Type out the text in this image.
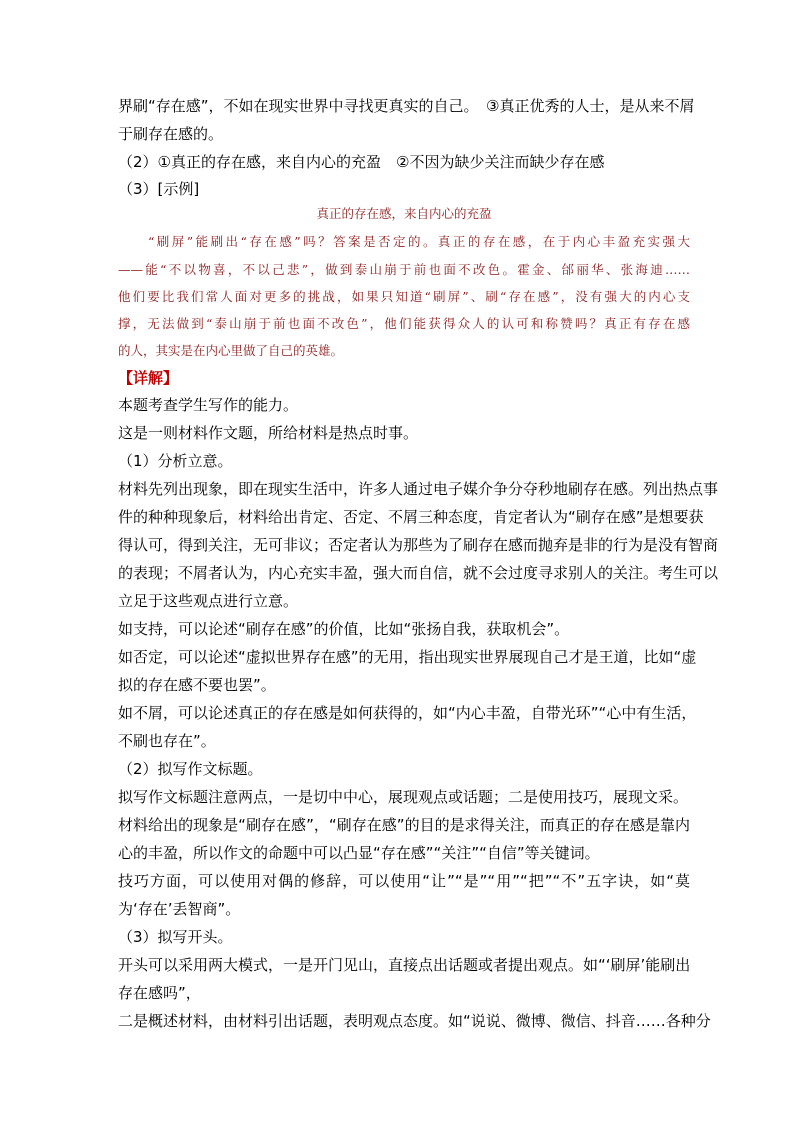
界刷“存在感”，不如在现实世界中寻找更真实的自己。　③真正优秀的人士，是从来不屑
于刷存在感的。
（2）①真正的存在感，来自内心的充盈　②不因为缺少关注而缺少存在感
（3）[示例]
真正的存在感，来自内心的充盈
　　“刷屏”能刷出“存在感”吗？答案是否定的。真正的存在感，在于内心丰盈充实强大
——能“不以物喜，不以己悲”，做到泰山崩于前也面不改色。霍金、邰丽华、张海迪……
他们要比我们常人面对更多的挑战，如果只知道“刷屏”、刷“存在感”，没有强大的内心支
撑，无法做到“泰山崩于前也面不改色”，他们能获得众人的认可和称赞吗？真正有存在感
的人，其实是在内心里做了自己的英雄。
【详解】
本题考查学生写作的能力。
这是一则材料作文题，所给材料是热点时事。
（1）分析立意。
材料先列出现象，即在现实生活中，许多人通过电子媒介争分夺秒地刷存在感。列出热点事
件的种种现象后，材料给出肯定、否定、不屑三种态度，肯定者认为“刷存在感”是想要获
得认可，得到关注，无可非议；否定者认为那些为了刷存在感而抛弃是非的行为是没有智商
的表现；不屑者认为，内心充实丰盈，强大而自信，就不会过度寻求别人的关注。考生可以
立足于这些观点进行立意。
如支持，可以论述“刷存在感”的价值，比如“张扬自我，获取机会”。
如否定，可以论述“虚拟世界存在感”的无用，指出现实世界展现自己才是王道，比如“虚
拟的存在感不要也罢”。
如不屑，可以论述真正的存在感是如何获得的，如“内心丰盈，自带光环”“心中有生活，
不刷也存在”。
（2）拟写作文标题。
拟写作文标题注意两点，一是切中中心，展现观点或话题；二是使用技巧，展现文采。
材料给出的现象是“刷存在感”，“刷存在感”的目的是求得关注，而真正的存在感是靠内
心的丰盈，所以作文的命题中可以凸显“存在感”“关注”“自信”等关键词。
技巧方面，可以使用对偶的修辞，可以使用“让”“是”“用”“把”“不”五字诀，如“莫
为‘存在’丢智商”。
（3）拟写开头。
开头可以采用两大模式，一是开门见山，直接点出话题或者提出观点。如“‘刷屏’能刷出
存在感吗”，
二是概述材料，由材料引出话题，表明观点态度。如“说说、微博、微信、抖音……各种分
